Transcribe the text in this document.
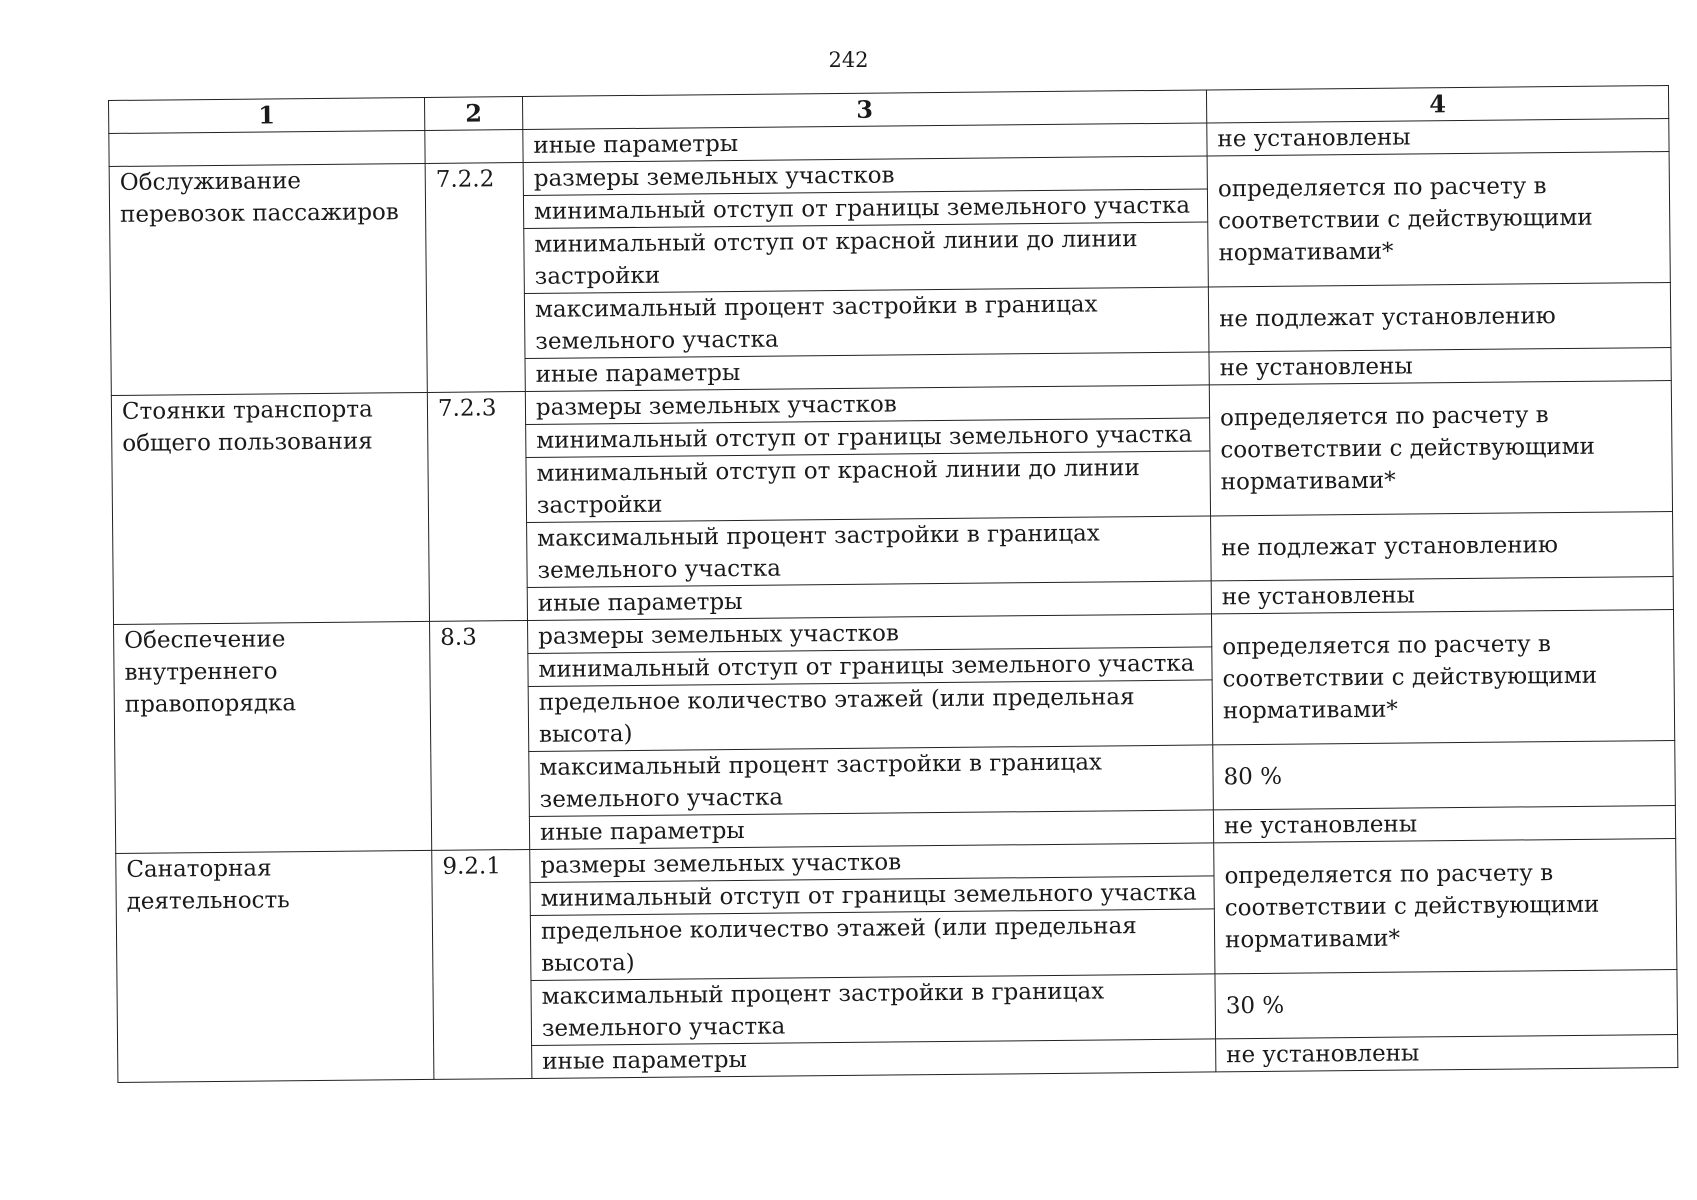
242
1	2	3	4
		иные параметры	не установлены
Обслуживание перевозок пассажиров	7.2.2	размеры земельных участков	определяется по расчету в соответствии с действующими нормативами*
		минимальный отступ от границы земельного участка	
		минимальный отступ от красной линии до линии застройки	
		максимальный процент застройки в границах земельного участка	не подлежат установлению
		иные параметры	не установлены
Стоянки транспорта общего пользования	7.2.3	размеры земельных участков	определяется по расчету в соответствии с действующими нормативами*
		минимальный отступ от границы земельного участка	
		минимальный отступ от красной линии до линии застройки	
		максимальный процент застройки в границах земельного участка	не подлежат установлению
		иные параметры	не установлены
Обеспечение внутреннего правопорядка	8.3	размеры земельных участков	определяется по расчету в соответствии с действующими нормативами*
		минимальный отступ от границы земельного участка	
		предельное количество этажей (или предельная высота)	
		максимальный процент застройки в границах земельного участка	80 %
		иные параметры	не установлены
Санаторная деятельность	9.2.1	размеры земельных участков	определяется по расчету в соответствии с действующими нормативами*
		минимальный отступ от границы земельного участка	
		предельное количество этажей (или предельная высота)	
		максимальный процент застройки в границах земельного участка	30 %
		иные параметры	не установлены
